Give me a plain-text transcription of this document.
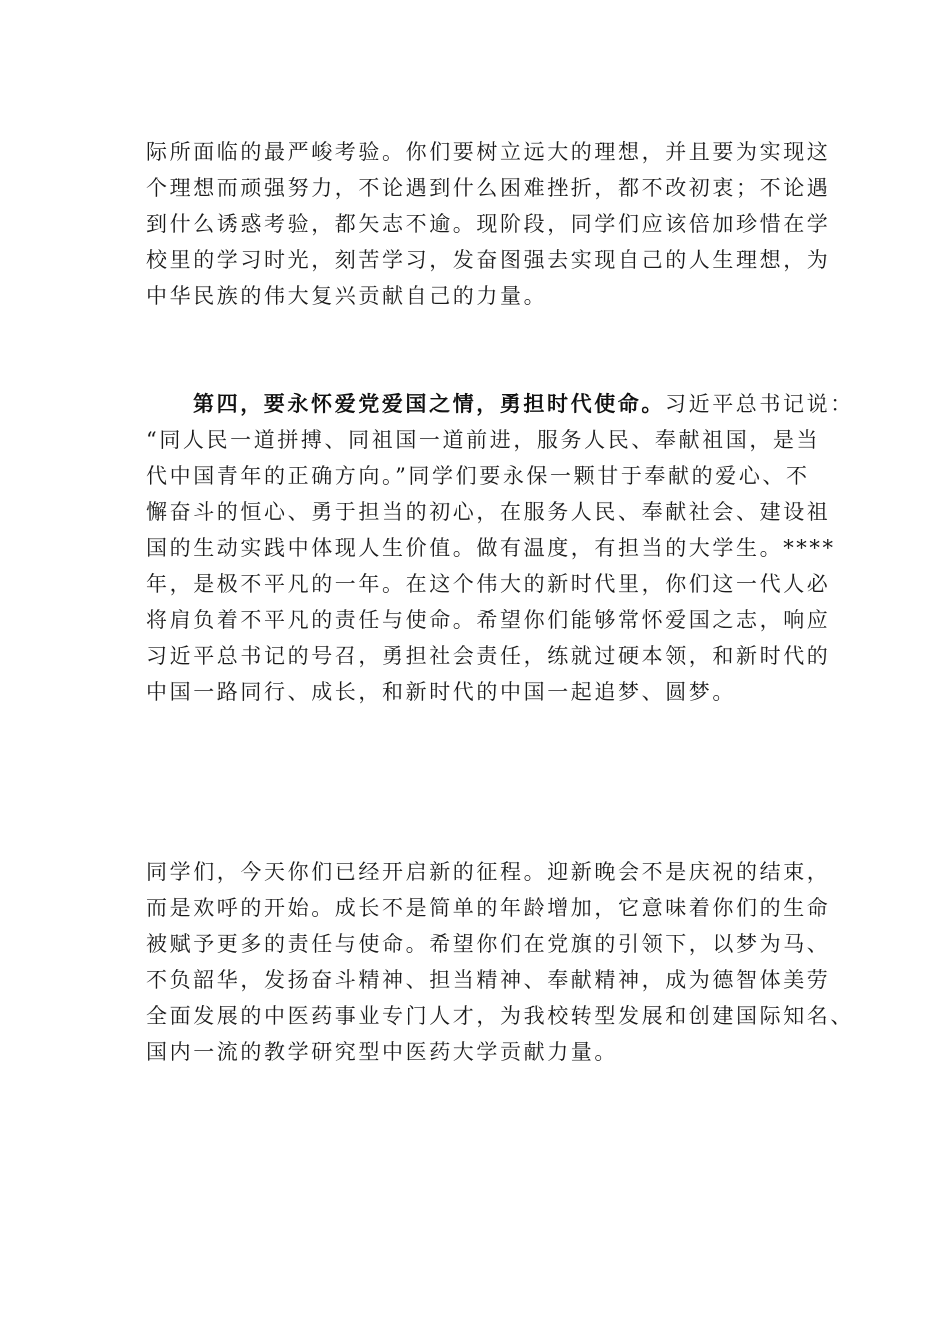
际所面临的最严峻考验。你们要树立远大的理想，并且要为实现这
个理想而顽强努力，不论遇到什么困难挫折，都不改初衷；不论遇
到什么诱惑考验，都矢志不逾。现阶段，同学们应该倍加珍惜在学
校里的学习时光，刻苦学习，发奋图强去实现自己的人生理想，为
中华民族的伟大复兴贡献自己的力量。
第四，要永怀爱党爱国之情，勇担时代使命。习近平总书记说：
“同人民一道拼搏、同祖国一道前进，服务人民、奉献祖国，是当
代中国青年的正确方向。”同学们要永保一颗甘于奉献的爱心、不
懈奋斗的恒心、勇于担当的初心，在服务人民、奉献社会、建设祖
国的生动实践中体现人生价值。做有温度，有担当的大学生。****
年，是极不平凡的一年。在这个伟大的新时代里，你们这一代人必
将肩负着不平凡的责任与使命。希望你们能够常怀爱国之志，响应
习近平总书记的号召，勇担社会责任，练就过硬本领，和新时代的
中国一路同行、成长，和新时代的中国一起追梦、圆梦。
同学们，今天你们已经开启新的征程。迎新晚会不是庆祝的结束，
而是欢呼的开始。成长不是简单的年龄增加，它意味着你们的生命
被赋予更多的责任与使命。希望你们在党旗的引领下，以梦为马、
不负韶华，发扬奋斗精神、担当精神、奉献精神，成为德智体美劳
全面发展的中医药事业专门人才，为我校转型发展和创建国际知名、
国内一流的教学研究型中医药大学贡献力量。
